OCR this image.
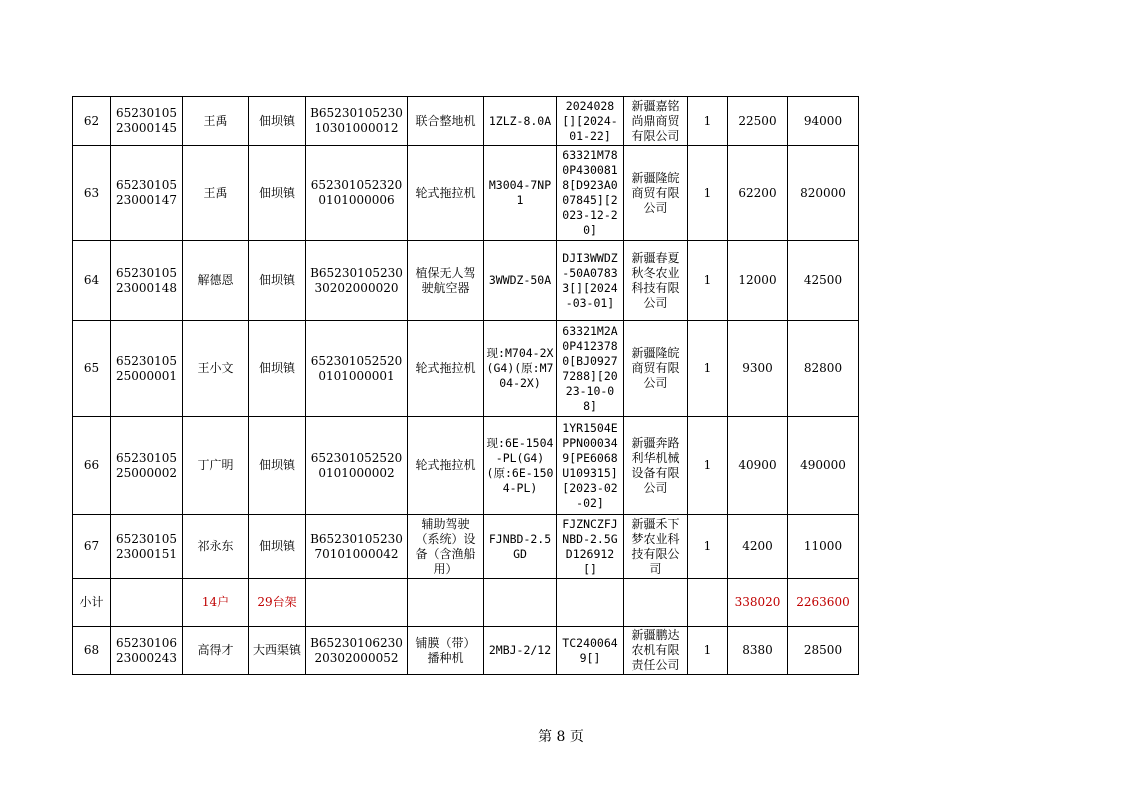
62	6523010523000145	王禹	佃坝镇	B6523010523010301000012	联合整地机	1ZLZ-8.0A	2024028[][2024-01-22]	新疆嘉铭尚鼎商贸有限公司	1	22500	94000
63	6523010523000147	王禹	佃坝镇	6523010523200101000006	轮式拖拉机	M3004-7NP1	63321M780P4300818[D923A007845][2023-12-20]	新疆隆皖商贸有限公司	1	62200	820000
64	6523010523000148	解德恩	佃坝镇	B6523010523030202000020	植保无人驾驶航空器	3WWDZ-50A	DJI3WWDZ-50A07833[][2024-03-01]	新疆春夏秋冬农业科技有限公司	1	12000	42500
65	6523010525000001	王小文	佃坝镇	6523010525200101000001	轮式拖拉机	现:M704-2X(G4)(原:M704-2X)	63321M2A0P4123780[BJ09277288][2023-10-08]	新疆隆皖商贸有限公司	1	9300	82800
66	6523010525000002	丁广明	佃坝镇	6523010525200101000002	轮式拖拉机	现:6E-1504-PL(G4)(原:6E-1504-PL)	1YR1504EPPN000349[PE6068U109315][2023-02-02]	新疆奔路利华机械设备有限公司	1	40900	490000
67	6523010523000151	祁永东	佃坝镇	B6523010523070101000042	辅助驾驶（系统）设备（含渔船用）	FJNBD-2.5GD	FJZNCZFJNBD-2.5GD126912[]	新疆禾下梦农业科技有限公司	1	4200	11000
小计		14户	29台架							338020	2263600
68	6523010623000243	高得才	大西渠镇	B6523010623020302000052	铺膜（带）播种机	2MBJ-2/12	TC2400649[]	新疆鹏达农机有限责任公司	1	8380	28500
第 8 页
